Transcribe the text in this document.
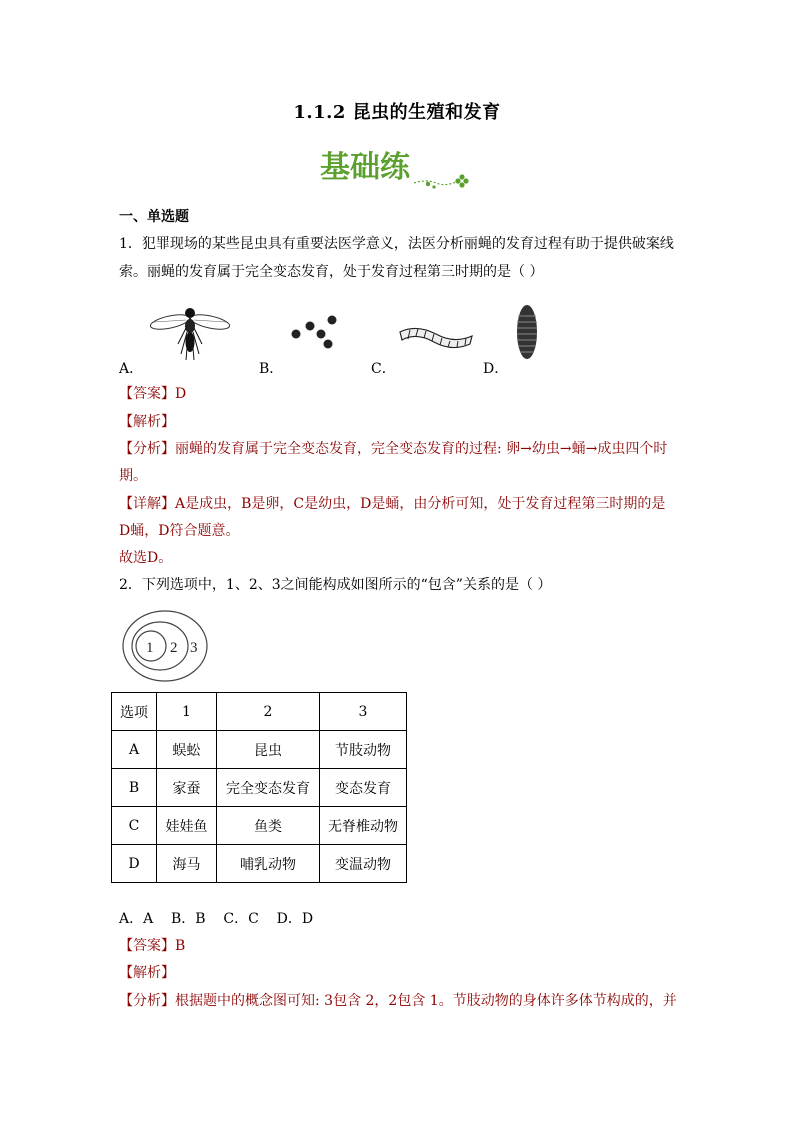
1.1.2 昆虫的生殖和发育
基础练
一、单选题
1．犯罪现场的某些昆虫具有重要法医学意义，法医分析丽蝇的发育过程有助于提供破案线
索。丽蝇的发育属于完全变态发育，处于发育过程第三时期的是（ ）
A．	B．	C．	D．
【答案】D
【解析】
【分析】丽蝇的发育属于完全变态发育，完全变态发育的过程: 卵→幼虫→蛹→成虫四个时
期。
【详解】A是成虫，B是卵，C是幼虫，D是蛹，由分析可知，处于发育过程第三时期的是
D蛹，D符合题意。
故选D。
2．下列选项中，1、2、3之间能构成如图所示的“包含”关系的是（ ）
1 2 3
选项	1	2	3
A	蜈蚣	昆虫	节肢动物
B	家蚕	完全变态发育	变态发育
C	娃娃鱼	鱼类	无脊椎动物
D	海马	哺乳动物	变温动物
A．A    B．B    C．C    D．D
【答案】B
【解析】
【分析】根据题中的概念图可知: 3包含 2，2包含 1。节肢动物的身体许多体节构成的，并
